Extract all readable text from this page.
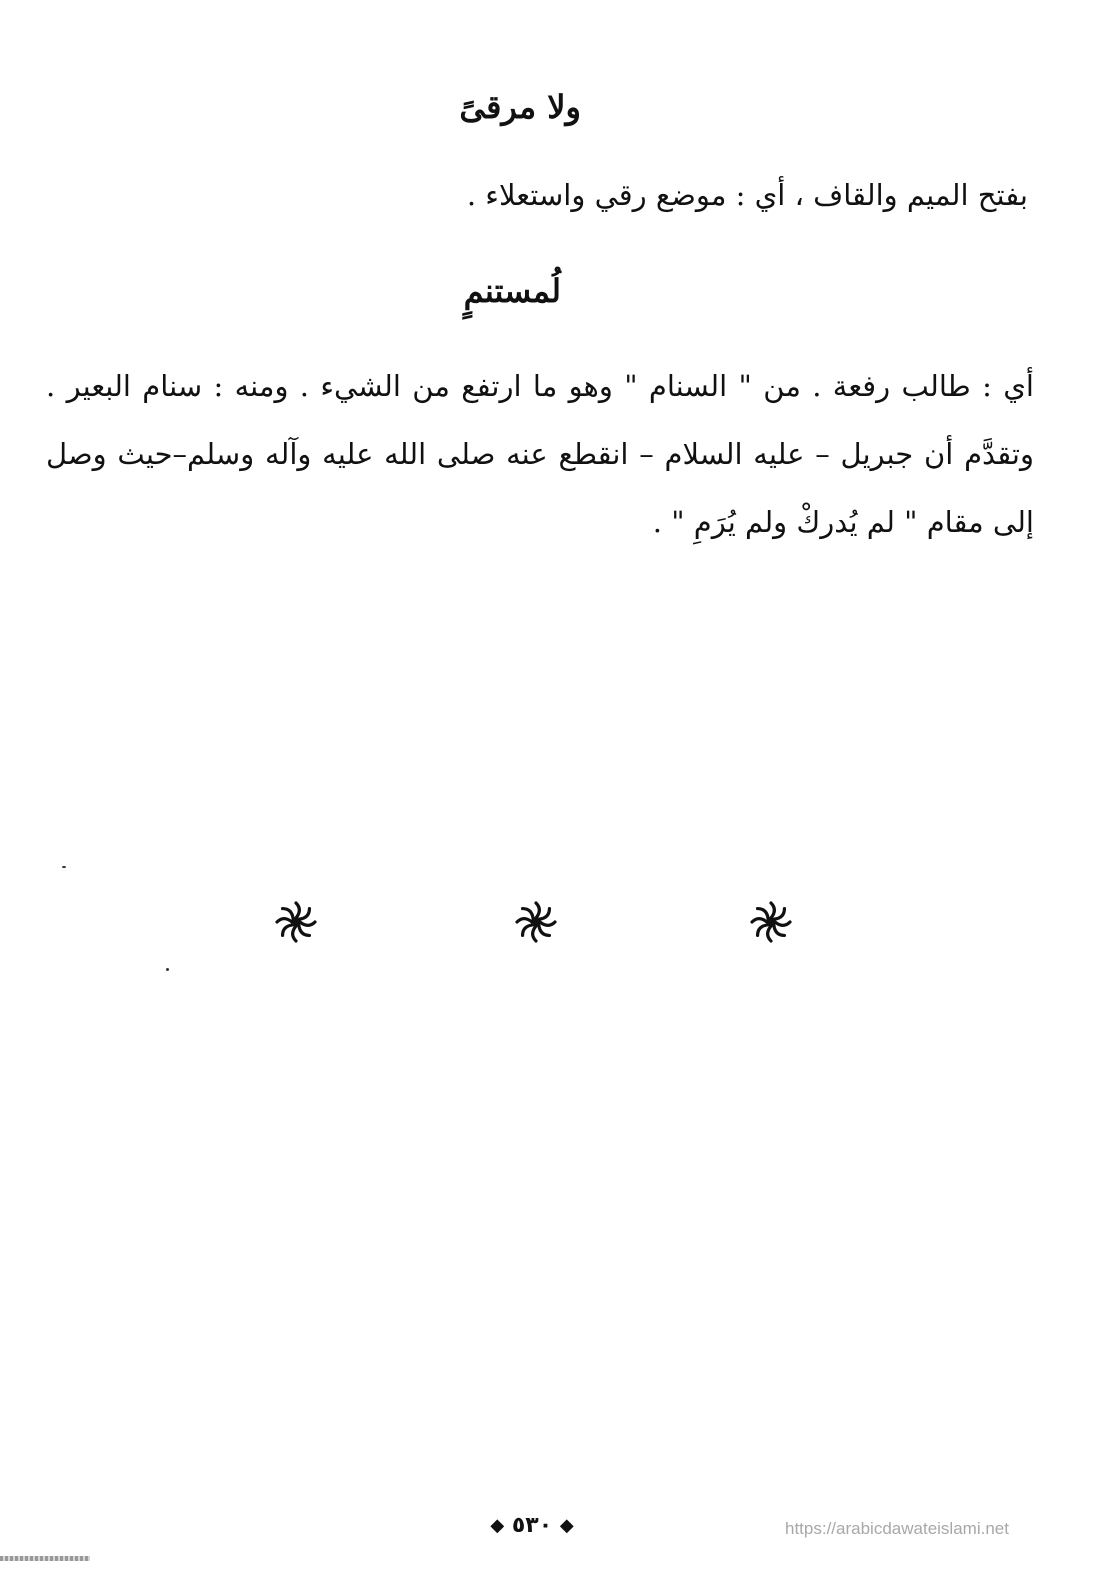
ولا مرقىً
بفتح الميم والقاف ، أي : موضع رقي واستعلاء .
لُمستنمٍ
أي : طالب رفعة . من " السنام " وهو ما ارتفع من الشيء . ومنه : سنام البعير . وتقدَّم أن جبريل – عليه السلام – انقطع عنه صلى الله عليه وآله وسلم–حيث وصل إلى مقام " لم يُدركْ ولم يُرَمِ " .
◆ ٥٣٠ ◆	https://arabicdawateislami.net
